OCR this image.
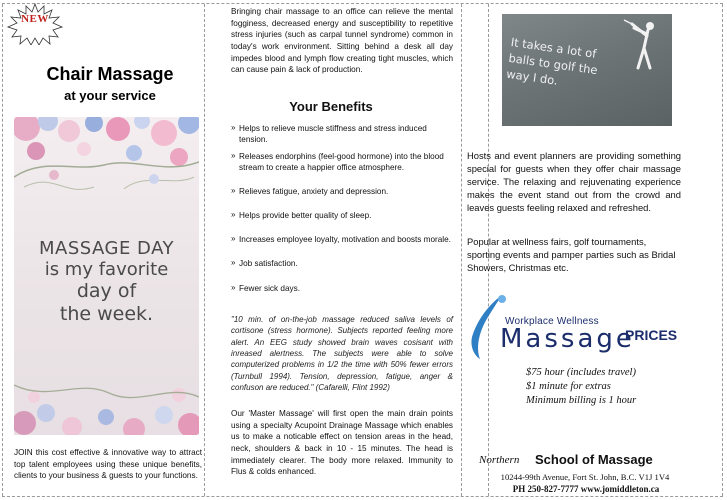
NEW
Chair Massage
at your service
MASSAGE DAY
is my favorite
day of
the week.
JOIN this cost effective & innovative way to attract top talent employees using these unique benefits, clients to your business & guests to your functions.
Bringing chair massage to an office can relieve the mental fogginess, decreased energy and susceptibility to repetitive stress injuries (such as carpal tunnel syndrome) common in today's work environment. Sitting behind a desk all day impedes blood and lymph flow creating tight muscles, which can cause pain & lack of production.
Your Benefits
» Helps to relieve muscle stiffness and stress induced tension.
» Releases endorphins (feel-good hormone) into the blood stream to create a happier office atmosphere.
» Relieves fatigue, anxiety and depression.
» Helps provide better quality of sleep.
» Increases employee loyalty, motivation and boosts morale.
» Job satisfaction.
» Fewer sick days.
"10 min. of on-the-job massage reduced saliva levels of cortisone (stress hormone). Subjects reported feeling more alert. An EEG study showed brain waves cosisant with inreased alertness. The subjects were able to solve computerized problems in 1/2 the time with 50% fewer errors (Turnbull 1994). Tension, depression, fatigue, anger & confuson are reduced." (Cafarelli, Flint 1992)
Our 'Master Massage' will first open the main drain points using a specialty Acupoint Drainage Massage which enables us to make a noticable effect on tension areas in the head, neck, shoulders & back in 10 - 15 minutes. The head is immediately clearer. The body more relaxed. Immunity to Flus & colds enhanced.
It takes a lot of balls to golf the way I do.
Hosts and event planners are providing something special for guests when they offer chair massage service. The relaxing and rejuvenating experience makes the event stand out from the crowd and leaves guests feeling relaxed and refreshed.
Popular at wellness fairs, golf tournaments, sporting events and pamper parties such as Bridal Showers, Christmas etc.
Workplace Wellness
Massage
PRICES
$75 hour (includes travel)
$1 minute for extras
Minimum billing is 1 hour
Northern School of Massage
10244-99th Avenue, Fort St. John, B.C. V1J 1V4
PH 250-827-7777 www.jomiddleton.ca
